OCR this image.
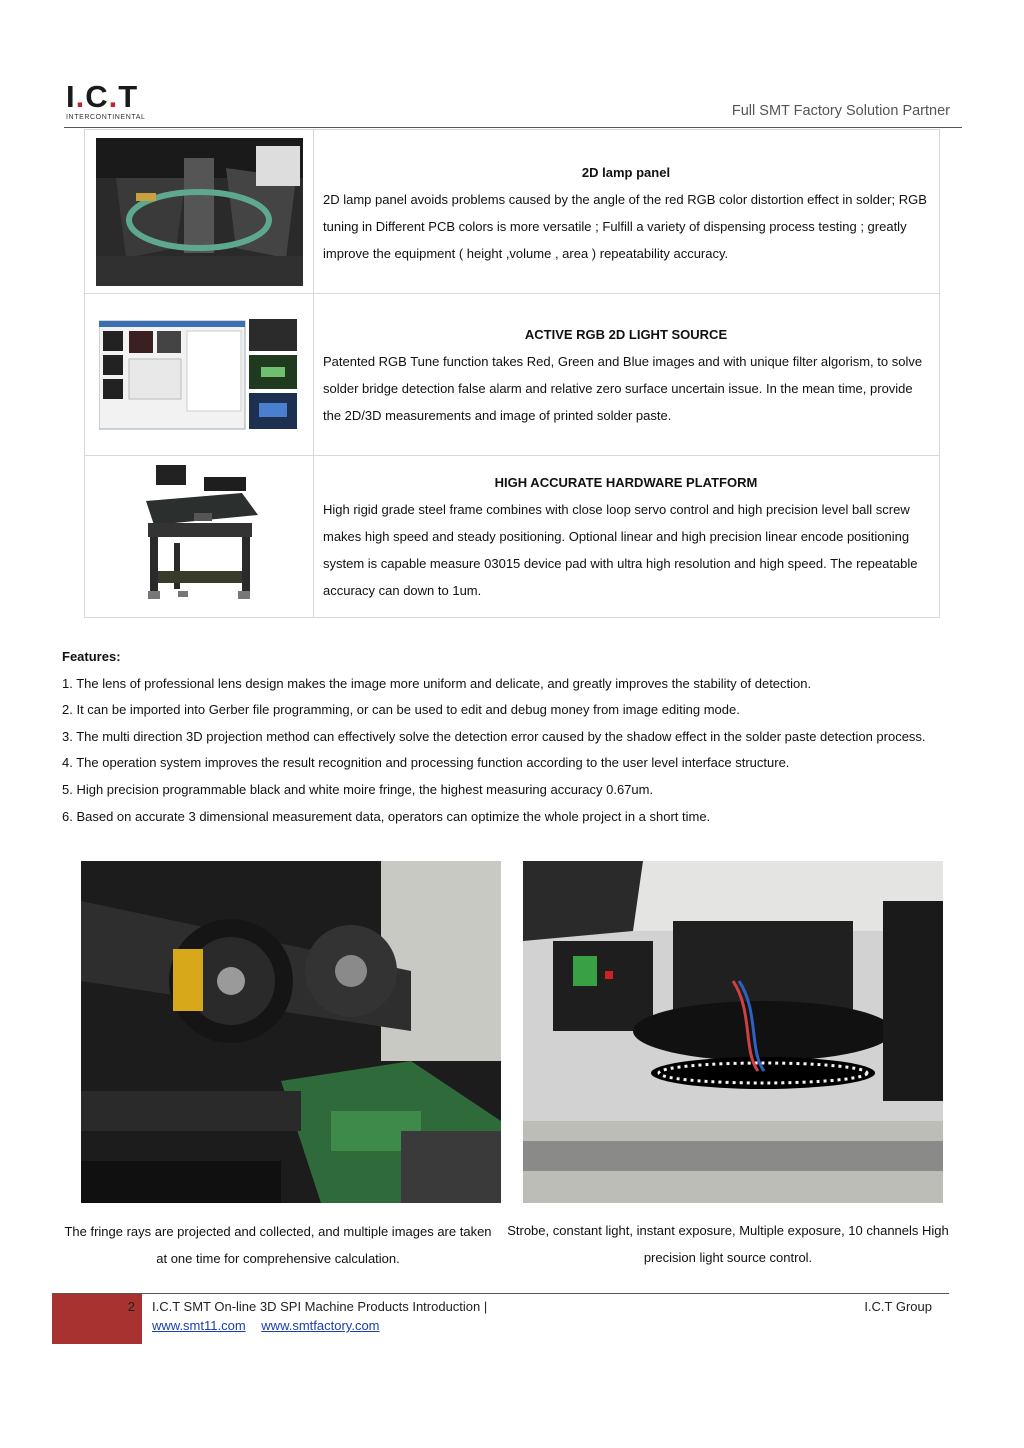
I.C.T
INTERCONTINENTAL	Full SMT Factory Solution Partner

2D lamp panel
2D lamp panel avoids problems caused by the angle of the red RGB color distortion effect in solder; RGB tuning in Different PCB colors is more versatile ; Fulfill a variety of dispensing process testing ; greatly improve the equipment ( height ,volume , area ) repeatability accuracy.

ACTIVE RGB 2D LIGHT SOURCE
Patented RGB Tune function takes Red, Green and Blue images and with unique filter algorism, to solve solder bridge detection false alarm and relative zero surface uncertain issue. In the mean time, provide the 2D/3D measurements and image of printed solder paste.

HIGH ACCURATE HARDWARE PLATFORM
High rigid grade steel frame combines with close loop servo control and high precision level ball screw makes high speed and steady positioning. Optional linear and high precision linear encode positioning system is capable measure 03015 device pad with ultra high resolution and high speed. The repeatable accuracy can down to 1um.
Features:
1. The lens of professional lens design makes the image more uniform and delicate, and greatly improves the stability of detection.
2. It can be imported into Gerber file programming, or can be used to edit and debug money from image editing mode.
3. The multi direction 3D projection method can effectively solve the detection error caused by the shadow effect in the solder paste detection process.
4. The operation system improves the result recognition and processing function according to the user level interface structure.
5. High precision programmable black and white moire fringe, the highest measuring accuracy 0.67um.
6. Based on accurate 3 dimensional measurement data, operators can optimize the whole project in a short time.
The fringe rays are projected and collected, and multiple images are taken at one time for comprehensive calculation.
Strobe, constant light, instant exposure, Multiple exposure, 10 channels High precision light source control.
2 I.C.T SMT On-line 3D SPI Machine Products Introduction |	I.C.T Group
www.smt11.com www.smtfactory.com
